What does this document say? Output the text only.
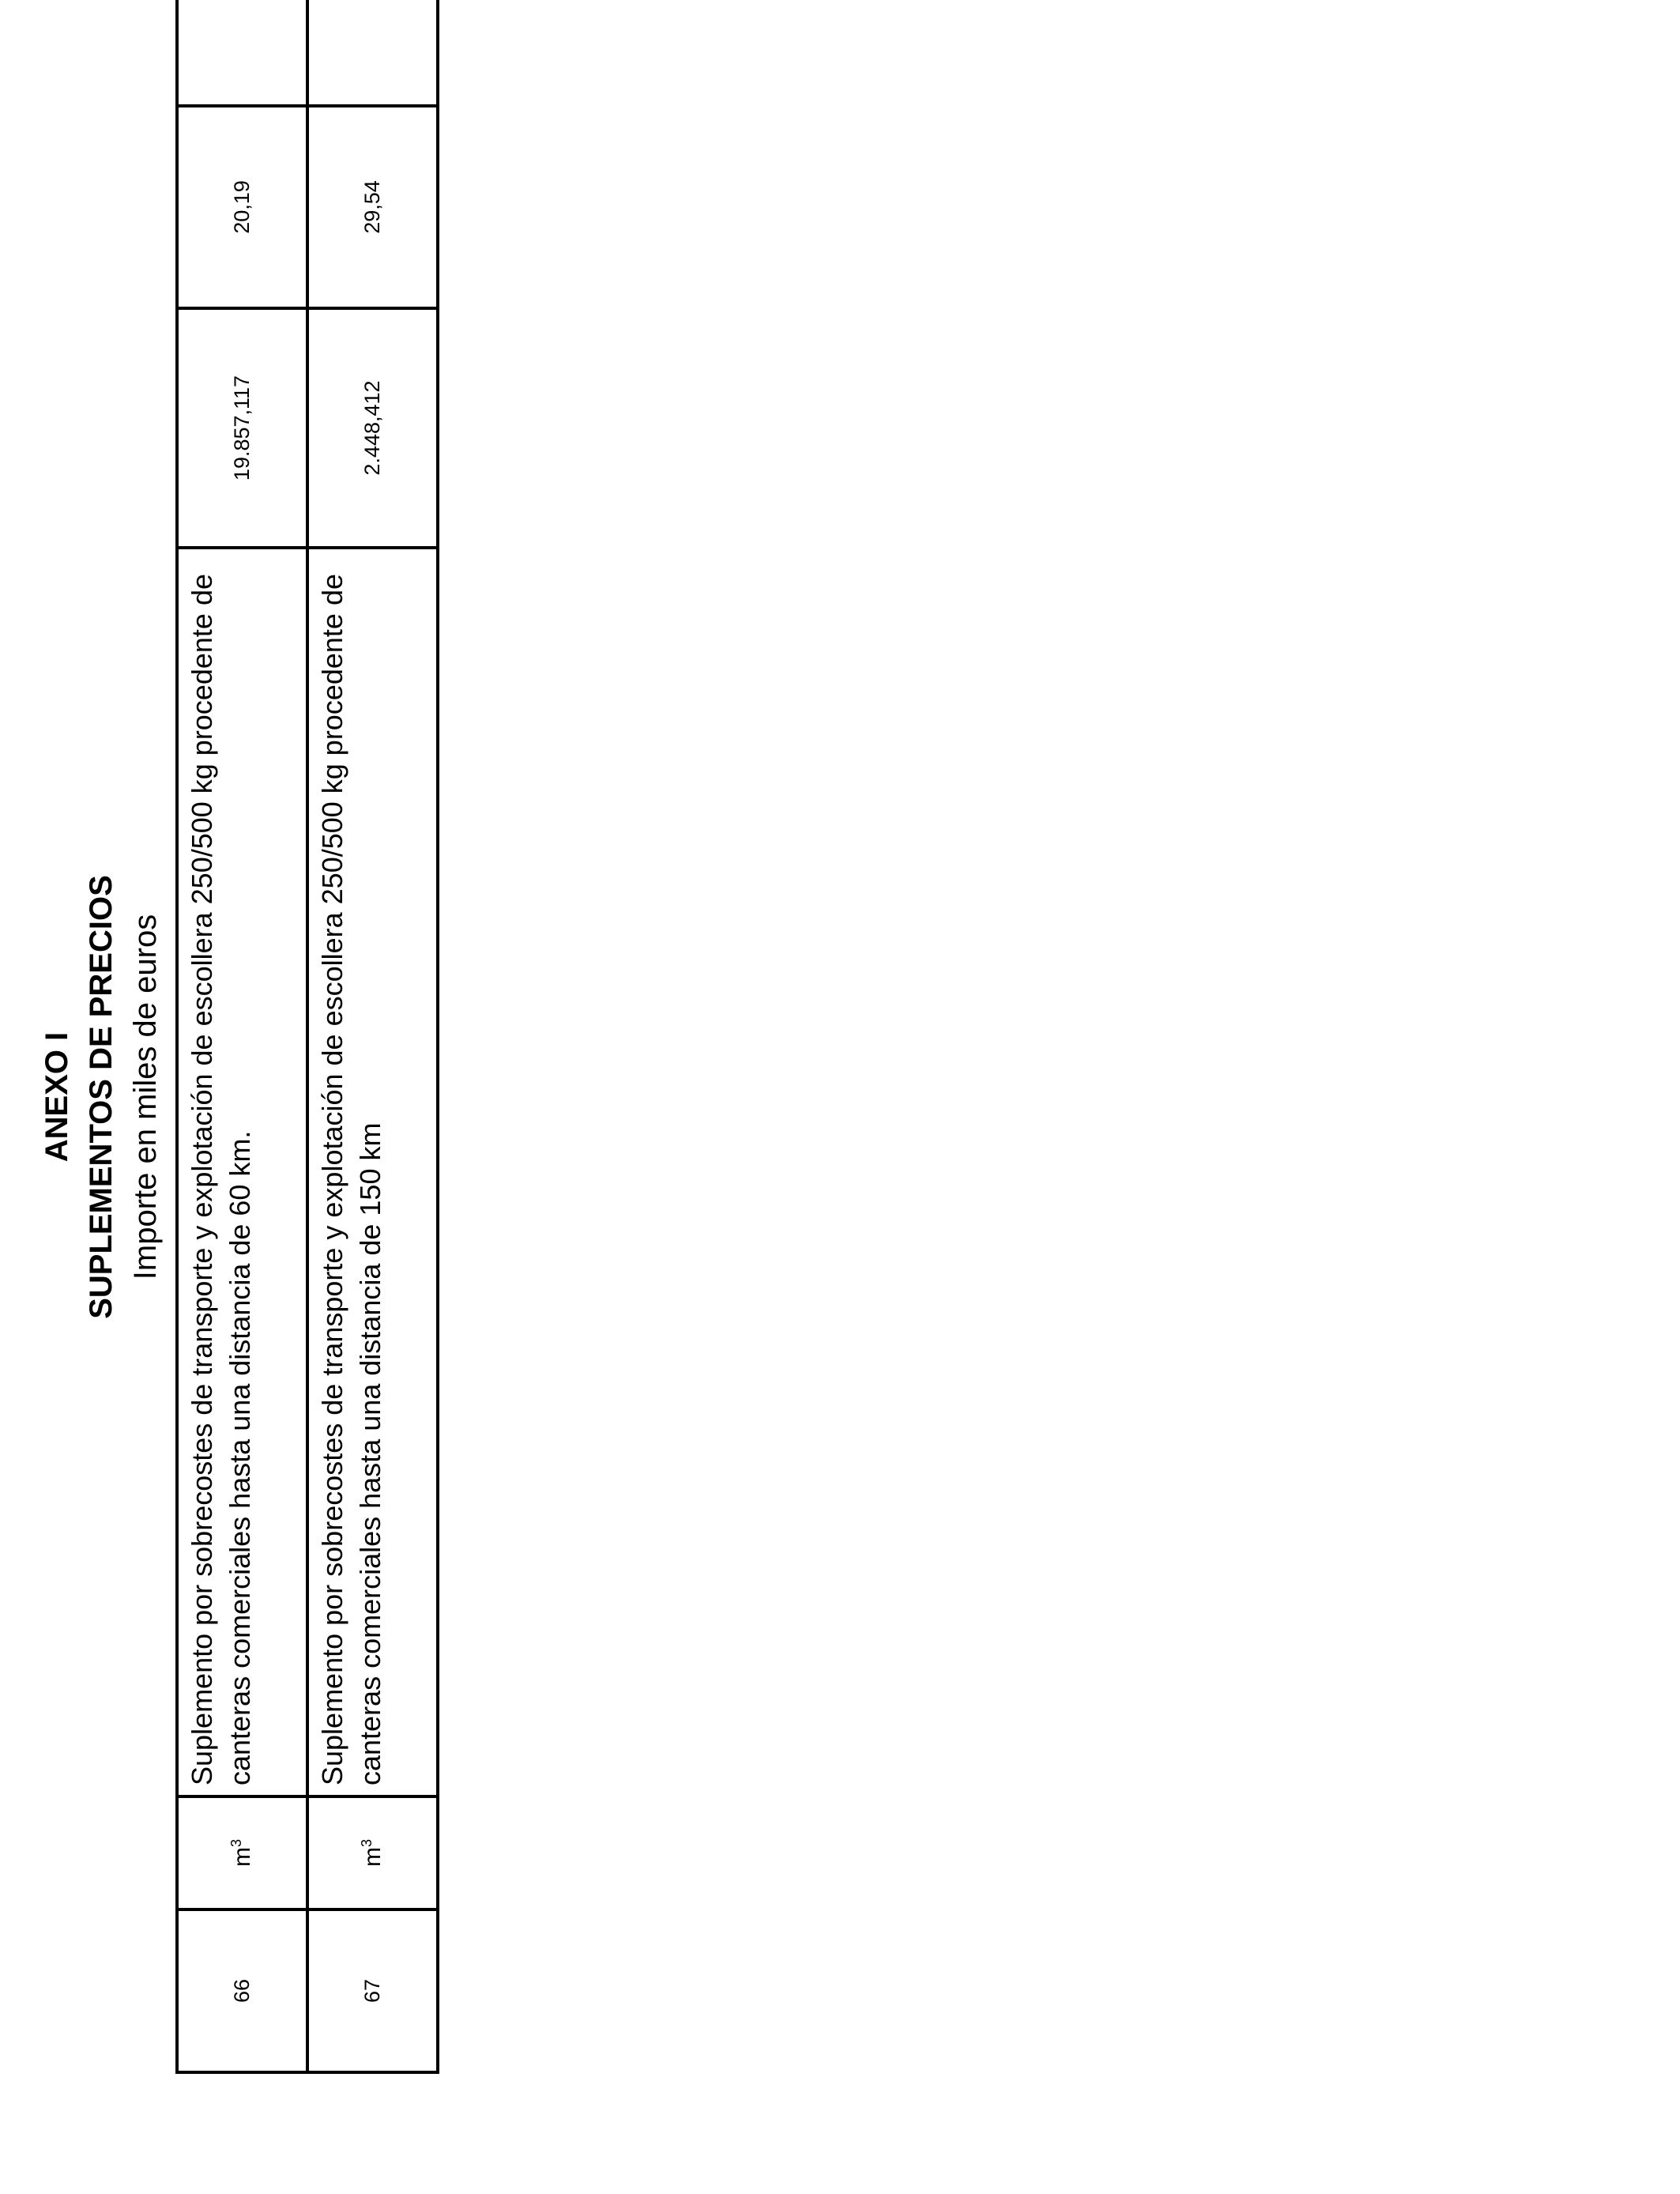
ANEXO I SUPLEMENTOS DE PRECIOS Importe en miles de euros
66	$m^3$	Suplemento por sobrecostes de transporte y explotación de escollera 250/500 kg procedente de canteras comerciales hasta una distancia de 60 km.	19.857,117	20,19	
67	$m^3$	Suplemento por sobrecostes de transporte y explotación de escollera 250/500 kg procedente de canteras comerciales hasta una distancia de 150 km	2.448,412	29,54	
